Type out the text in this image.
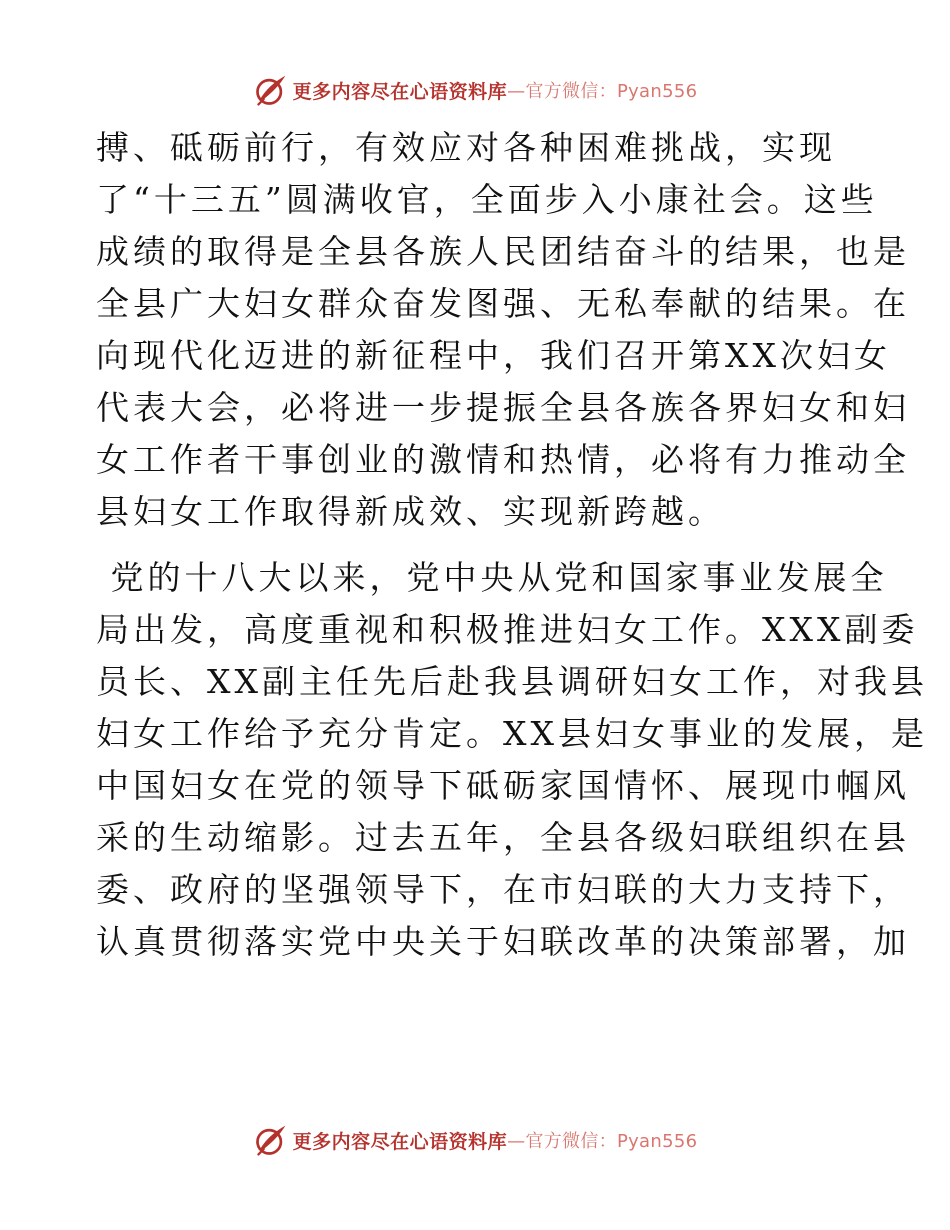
更多内容尽在心语资料库 —官方微信：Pyan556

搏、砥砺前行，有效应对各种困难挑战，实现
了“十三五”圆满收官，全面步入小康社会。这些
成绩的取得是全县各族人民团结奋斗的结果，也是
全县广大妇女群众奋发图强、无私奉献的结果。在
向现代化迈进的新征程中，我们召开第XX次妇女
代表大会，必将进一步提振全县各族各界妇女和妇
女工作者干事创业的激情和热情，必将有力推动全
县妇女工作取得新成效、实现新跨越。

党的十八大以来，党中央从党和国家事业发展全
局出发，高度重视和积极推进妇女工作。XXX副委
员长、XX副主任先后赴我县调研妇女工作，对我县
妇女工作给予充分肯定。XX县妇女事业的发展，是
中国妇女在党的领导下砥砺家国情怀、展现巾帼风
采的生动缩影。过去五年，全县各级妇联组织在县
委、政府的坚强领导下，在市妇联的大力支持下，
认真贯彻落实党中央关于妇联改革的决策部署，加

更多内容尽在心语资料库 —官方微信：Pyan556
